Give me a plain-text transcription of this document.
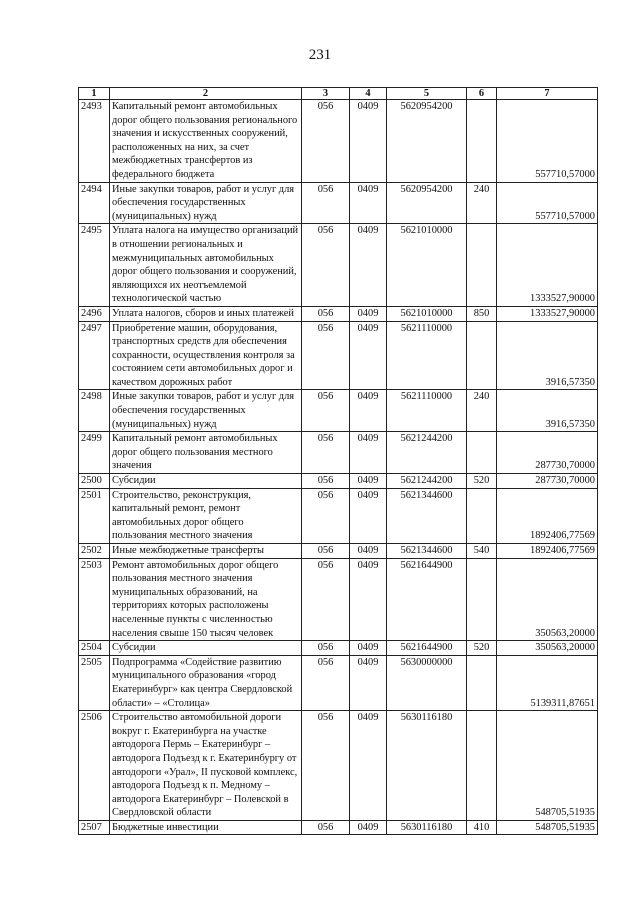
231
1	2	3	4	5	6	7
2493	Капитальный ремонт автомобильных дорог общего пользования регионального значения и искусственных сооружений, расположенных на них, за счет межбюджетных трансфертов из федерального бюджета	056	0409	5620954200		557710,57000
2494	Иные закупки товаров, работ и услуг для обеспечения государственных (муниципальных) нужд	056	0409	5620954200	240	557710,57000
2495	Уплата налога на имущество организаций в отношении региональных и межмуниципальных автомобильных дорог общего пользования и сооружений, являющихся их неотъемлемой технологической частью	056	0409	5621010000		1333527,90000
2496	Уплата налогов, сборов и иных платежей	056	0409	5621010000	850	1333527,90000
2497	Приобретение машин, оборудования, транспортных средств для обеспечения сохранности, осуществления контроля за состоянием сети автомобильных дорог и качеством дорожных работ	056	0409	5621110000		3916,57350
2498	Иные закупки товаров, работ и услуг для обеспечения государственных (муниципальных) нужд	056	0409	5621110000	240	3916,57350
2499	Капитальный ремонт автомобильных дорог общего пользования местного значения	056	0409	5621244200		287730,70000
2500	Субсидии	056	0409	5621244200	520	287730,70000
2501	Строительство, реконструкция, капитальный ремонт, ремонт автомобильных дорог общего пользования местного значения	056	0409	5621344600		1892406,77569
2502	Иные межбюджетные трансферты	056	0409	5621344600	540	1892406,77569
2503	Ремонт автомобильных дорог общего пользования местного значения муниципальных образований, на территориях которых расположены населенные пункты с численностью населения свыше 150 тысяч человек	056	0409	5621644900		350563,20000
2504	Субсидии	056	0409	5621644900	520	350563,20000
2505	Подпрограмма «Содействие развитию муниципального образования «город Екатеринбург» как центра Свердловской области» – «Столица»	056	0409	5630000000		5139311,87651
2506	Строительство автомобильной дороги вокруг г. Екатеринбурга на участке автодорога Пермь – Екатеринбург – автодорога Подъезд к г. Екатеринбургу от автодороги «Урал», II пусковой комплекс, автодорога Подъезд к п. Медному – автодорога Екатеринбург – Полевской в Свердловской области	056	0409	5630116180		548705,51935
2507	Бюджетные инвестиции	056	0409	5630116180	410	548705,51935
